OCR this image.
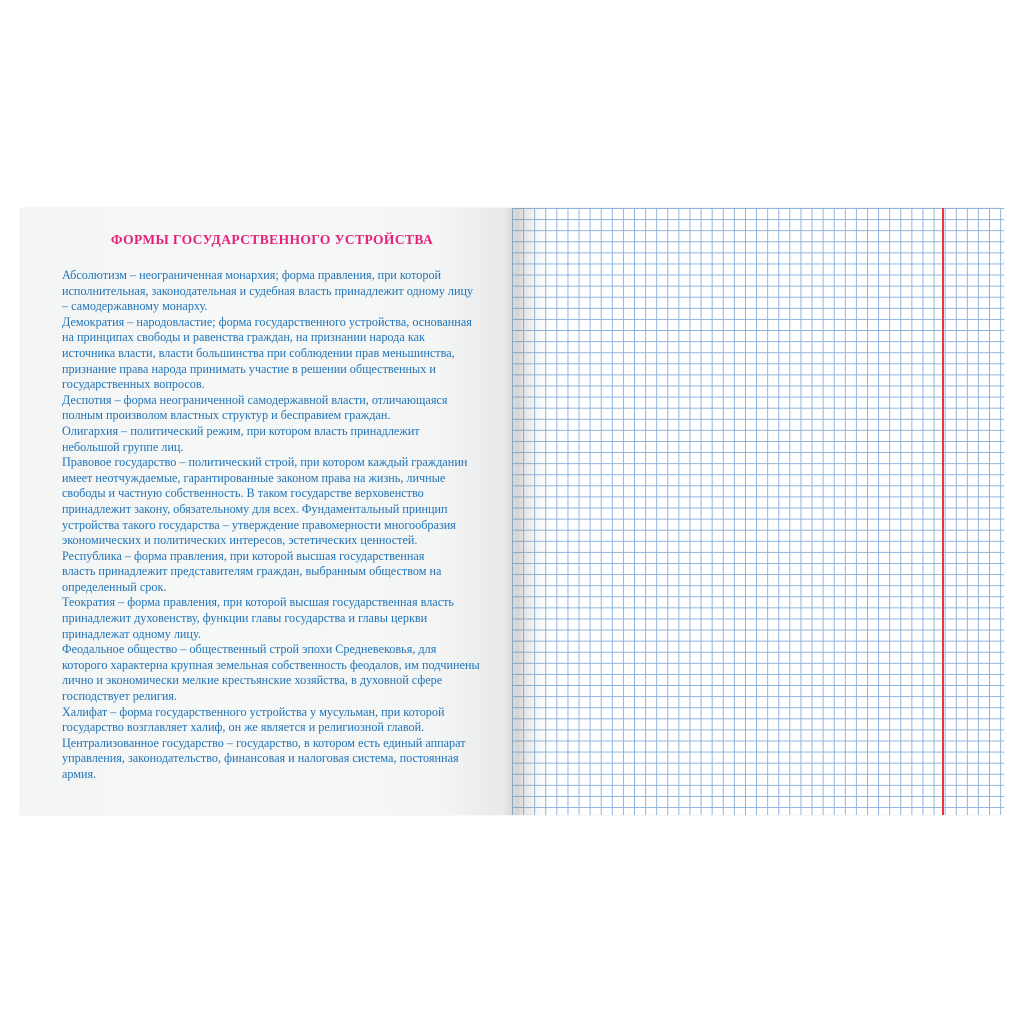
ФОРМЫ ГОСУДАРСТВЕННОГО УСТРОЙСТВА
Абсолютизм – неограниченная монархия; форма правления, при которой
исполнительная, законодательная и судебная власть принадлежит одному лицу
– самодержавному монарху.
Демократия – народовластие; форма государственного устройства, основанная
на принципах свободы и равенства граждан, на признании народа как
источника власти, власти большинства при соблюдении прав меньшинства,
признание права народа принимать участие в решении общественных и
государственных вопросов.
Деспотия – форма неограниченной самодержавной власти, отличающаяся
полным произволом властных структур и бесправием граждан.
Олигархия – политический режим, при котором власть принадлежит
небольшой группе лиц.
Правовое государство – политический строй, при котором каждый гражданин
имеет неотчуждаемые, гарантированные законом права на жизнь, личные
свободы и частную собственность. В таком государстве верховенство
принадлежит закону, обязательному для всех. Фундаментальный принцип
устройства такого государства – утверждение правомерности многообразия
экономических и политических интересов, эстетических ценностей.
Республика – форма правления, при которой высшая государственная
власть принадлежит представителям граждан, выбранным обществом на
определенный срок.
Теократия – форма правления, при которой высшая государственная власть
принадлежит духовенству, функции главы государства и главы церкви
принадлежат одному лицу.
Феодальное общество – общественный строй эпохи Средневековья, для
которого характерна крупная земельная собственность феодалов, им подчинены
лично и экономически мелкие крестьянские хозяйства, в духовной сфере
господствует религия.
Халифат – форма государственного устройства у мусульман, при которой
государство возглавляет халиф, он же является и религиозной главой.
Централизованное государство – государство, в котором есть единый аппарат
управления, законодательство, финансовая и налоговая система, постоянная
армия.
